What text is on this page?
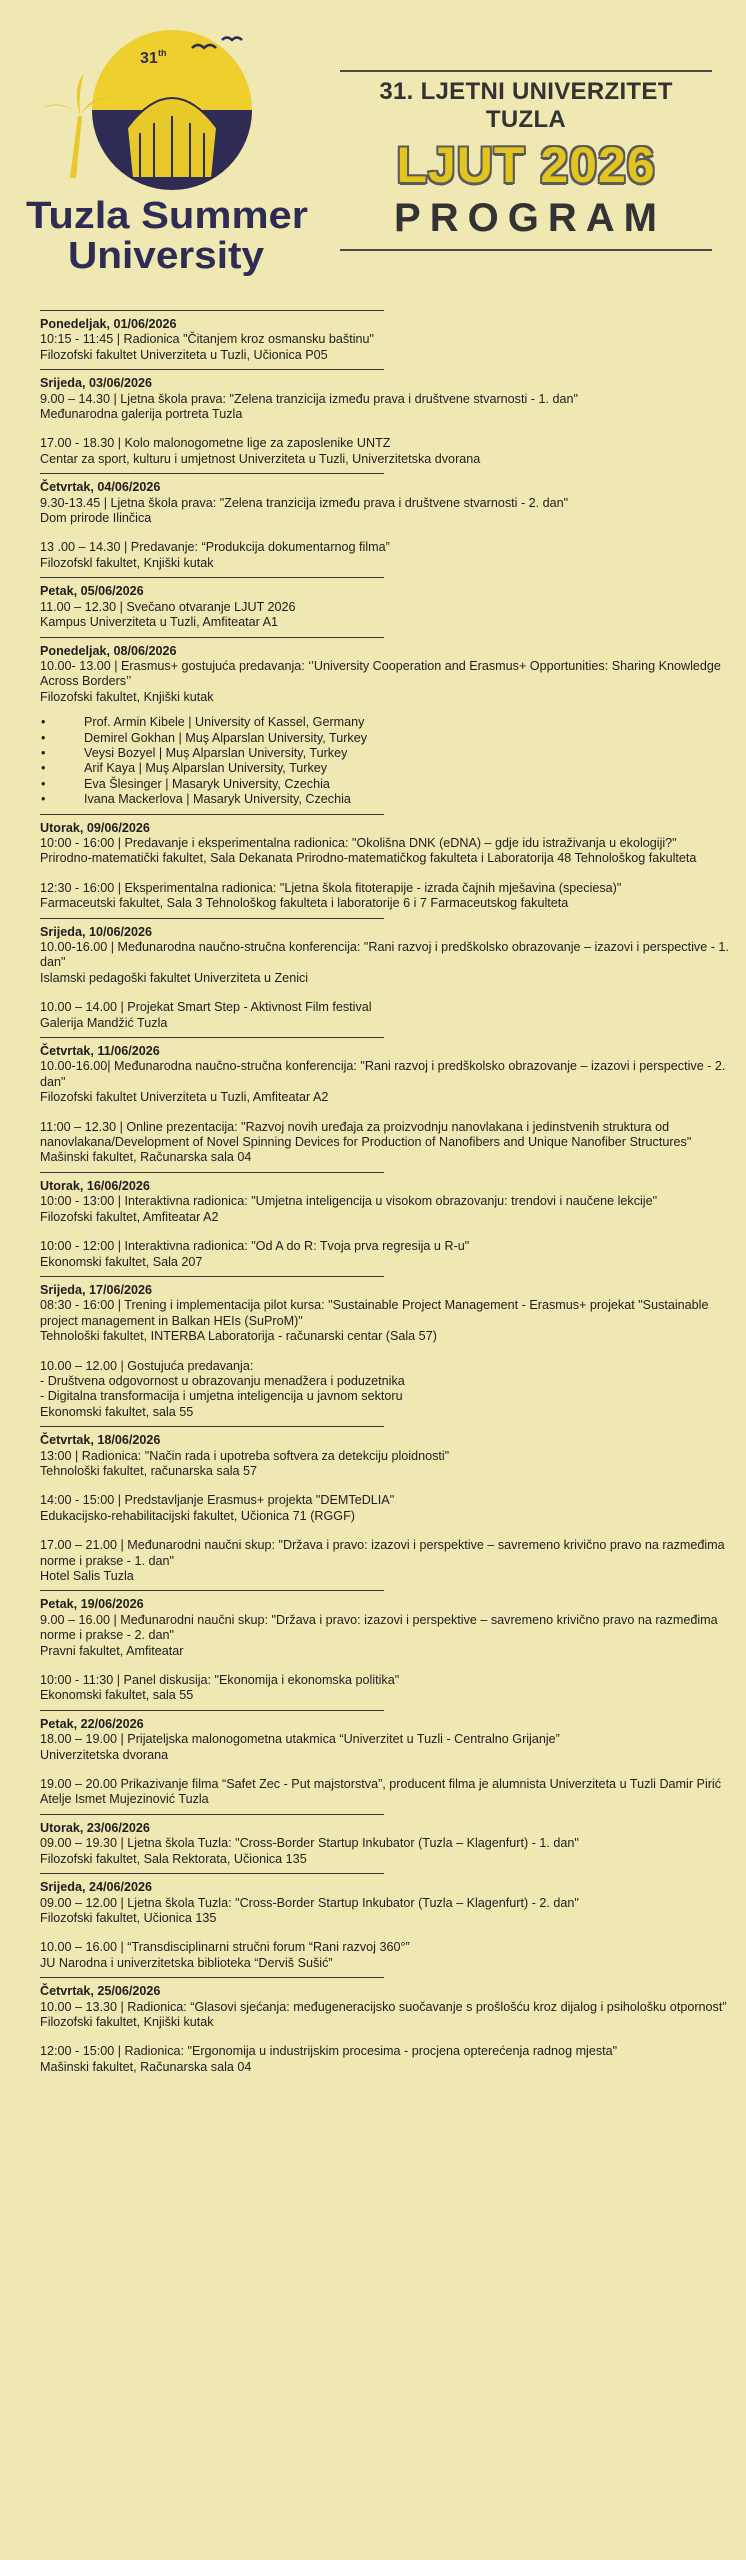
31 th
Tuzla Summer
University
31. LJETNI UNIVERZITET TUZLA
LJUT 2026
PROGRAM
Ponedeljak, 01/06/2026
10:15 - 11:45 | Radionica "Čitanjem kroz osmansku baštinu"
Filozofski fakultet Univerziteta u Tuzli, Učionica P05
Srijeda, 03/06/2026
9.00 – 14.30 | Ljetna škola prava: "Zelena tranzicija između prava i društvene stvarnosti - 1. dan"
Međunarodna galerija portreta Tuzla
17.00 - 18.30 | Kolo malonogometne lige za zaposlenike UNTZ
Centar za sport, kulturu i umjetnost Univerziteta u Tuzli, Univerzitetska dvorana
Četvrtak, 04/06/2026
9.30-13.45 | Ljetna škola prava: "Zelena tranzicija između prava i društvene stvarnosti - 2. dan"
Dom prirode Ilinčica
13 .00 – 14.30 | Predavanje: “Produkcija dokumentarnog filma”
Filozofskl fakultet, Knjiški kutak
Petak, 05/06/2026
11.00 – 12.30 | Svečano otvaranje LJUT 2026
Kampus Univerziteta u Tuzli, Amfiteatar A1
Ponedeljak, 08/06/2026
10.00- 13.00 | Erasmus+ gostujuća predavanja: ‘’University Cooperation and Erasmus+ Opportunities: Sharing Knowledge Across Borders’’
Filozofski fakultet, Knjiški kutak
• Prof. Armin Kibele | University of Kassel, Germany
• Demirel Gokhan | Muş Alparslan University, Turkey
• Veysi Bozyel | Muş Alparslan University, Turkey
• Arif Kaya | Muş Alparslan University, Turkey
• Eva Šlesinger | Masaryk University, Czechia
• Ivana Mackerlova | Masaryk University, Czechia
Utorak, 09/06/2026
10:00 - 16:00 | Predavanje i eksperimentalna radionica: "Okolišna DNK (eDNA) – gdje idu istraživanja u ekologiji?"
Prirodno-matematički fakultet, Sala Dekanata Prirodno-matematičkog fakulteta i Laboratorija 48 Tehnološkog fakulteta
12:30 - 16:00 | Eksperimentalna radionica: "Ljetna škola fitoterapije - izrada čajnih mješavina (speciesa)"
Farmaceutski fakultet, Sala 3 Tehnološkog fakulteta i laboratorije 6 i 7 Farmaceutskog fakulteta
Srijeda, 10/06/2026
10.00-16.00 | Međunarodna naučno-stručna konferencija: "Rani razvoj i predškolsko obrazovanje – izazovi i perspective - 1. dan"
Islamski pedagoški fakultet Univerziteta u Zenici
10.00 – 14.00 | Projekat Smart Step - Aktivnost Film festival
Galerija Mandžić Tuzla
Četvrtak, 11/06/2026
10.00-16.00| Međunarodna naučno-stručna konferencija: "Rani razvoj i predškolsko obrazovanje – izazovi i perspective - 2. dan"
Filozofski fakultet Univerziteta u Tuzli, Amfiteatar A2
11:00 – 12.30 | Online prezentacija: "Razvoj novih uređaja za proizvodnju nanovlakana i jedinstvenih struktura od nanovlakana/Development of Novel Spinning Devices for Production of Nanofibers and Unique Nanofiber Structures"
Mašinski fakultet, Računarska sala 04
Utorak, 16/06/2026
10:00 - 13:00 | Interaktivna radionica: "Umjetna inteligencija u visokom obrazovanju: trendovi i naučene lekcije"
Filozofski fakultet, Amfiteatar A2
10:00 - 12:00 | Interaktivna radionica: "Od A do R: Tvoja prva regresija u R-u"
Ekonomski fakultet, Sala 207
Srijeda, 17/06/2026
08:30 - 16:00 | Trening i implementacija pilot kursa: "Sustainable Project Management - Erasmus+ projekat "Sustainable project management in Balkan HEIs (SuProM)"
Tehnološki fakultet, INTERBA Laboratorija - računarski centar (Sala 57)
10.00 – 12.00 | Gostujuća predavanja:
- Društvena odgovornost u obrazovanju menadžera i poduzetnika
- Digitalna transformacija i umjetna inteligencija u javnom sektoru
Ekonomski fakultet, sala 55
Četvrtak, 18/06/2026
13:00 | Radionica: "Način rada i upotreba softvera za detekciju ploidnosti"
Tehnološki fakultet, računarska sala 57
14:00 - 15:00 | Predstavljanje Erasmus+ projekta "DEMTeDLIA"
Edukacijsko-rehabilitacijski fakultet, Učionica 71 (RGGF)
17.00 – 21.00 | Međunarodni naučni skup: "Država i pravo: izazovi i perspektive – savremeno krivično pravo na razmeđima norme i prakse - 1. dan"
Hotel Salis Tuzla
Petak, 19/06/2026
9.00 – 16.00 | Međunarodni naučni skup: "Država i pravo: izazovi i perspektive – savremeno krivično pravo na razmeđima norme i prakse - 2. dan"
Pravni fakultet, Amfiteatar
10:00 - 11:30 | Panel diskusija: "Ekonomija i ekonomska politika"
Ekonomski fakultet, sala 55
Petak, 22/06/2026
18.00 – 19.00 | Prijateljska malonogometna utakmica “Univerzitet u Tuzli - Centralno Grijanje”
Univerzitetska dvorana
19.00 – 20.00 Prikazivanje filma “Safet Zec - Put majstorstva”, producent filma je alumnista Univerziteta u Tuzli Damir Pirić
Atelje Ismet Mujezinović Tuzla
Utorak, 23/06/2026
09.00 – 19.30 | Ljetna škola Tuzla: "Cross-Border Startup Inkubator (Tuzla – Klagenfurt) - 1. dan"
Filozofski fakultet, Sala Rektorata, Učionica 135
Srijeda, 24/06/2026
09.00 – 12.00 | Ljetna škola Tuzla: "Cross-Border Startup Inkubator (Tuzla – Klagenfurt) - 2. dan"
Filozofski fakultet, Učionica 135
10.00 – 16.00 | “Transdisciplinarni stručni forum “Rani razvoj 360°”
JU Narodna i univerzitetska biblioteka “Derviš Sušić”
Četvrtak, 25/06/2026
10.00 – 13.30 | Radionica: “Glasovi sjećanja: međugeneracijsko suočavanje s prošlošću kroz dijalog i psihološku otpornost”
Filozofski fakultet, Knjiški kutak
12:00 - 15:00 | Radionica: "Ergonomija u industrijskim procesima - procjena opterećenja radnog mjesta"
Mašinski fakultet, Računarska sala 04
